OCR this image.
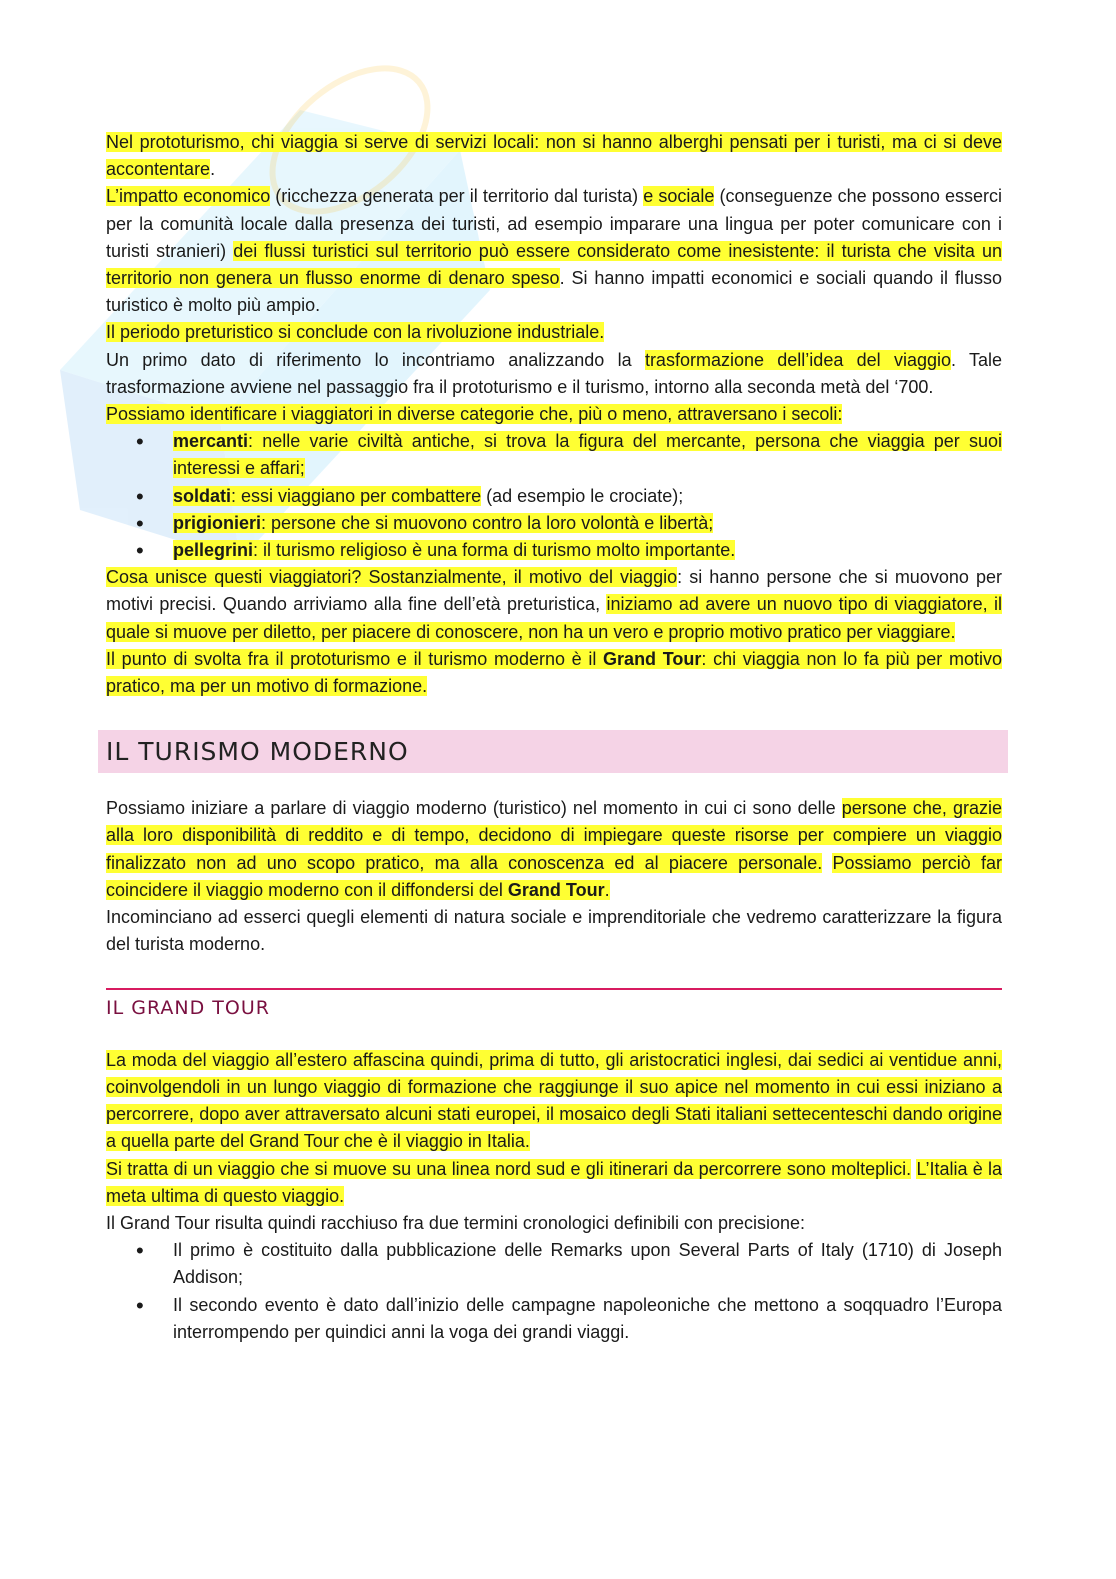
Nel prototurismo, chi viaggia si serve di servizi locali: non si hanno alberghi pensati per i turisti, ma ci si deve accontentare.

L’impatto economico (ricchezza generata per il territorio dal turista) e sociale (conseguenze che possono esserci per la comunità locale dalla presenza dei turisti, ad esempio imparare una lingua per poter comunicare con i turisti stranieri) dei flussi turistici sul territorio può essere considerato come inesistente: il turista che visita un territorio non genera un flusso enorme di denaro speso. Si hanno impatti economici e sociali quando il flusso turistico è molto più ampio.

Il periodo preturistico si conclude con la rivoluzione industriale.

Un primo dato di riferimento lo incontriamo analizzando la trasformazione dell’idea del viaggio. Tale trasformazione avviene nel passaggio fra il prototurismo e il turismo, intorno alla seconda metà del ‘700.

Possiamo identificare i viaggiatori in diverse categorie che, più o meno, attraversano i secoli:

• mercanti: nelle varie civiltà antiche, si trova la figura del mercante, persona che viaggia per suoi interessi e affari;
• soldati: essi viaggiano per combattere (ad esempio le crociate);
• prigionieri: persone che si muovono contro la loro volontà e libertà;
• pellegrini: il turismo religioso è una forma di turismo molto importante.

Cosa unisce questi viaggiatori? Sostanzialmente, il motivo del viaggio: si hanno persone che si muovono per motivi precisi. Quando arriviamo alla fine dell’età preturistica, iniziamo ad avere un nuovo tipo di viaggiatore, il quale si muove per diletto, per piacere di conoscere, non ha un vero e proprio motivo pratico per viaggiare.

Il punto di svolta fra il prototurismo e il turismo moderno è il Grand Tour: chi viaggia non lo fa più per motivo pratico, ma per un motivo di formazione.

IL TURISMO MODERNO

Possiamo iniziare a parlare di viaggio moderno (turistico) nel momento in cui ci sono delle persone che, grazie alla loro disponibilità di reddito e di tempo, decidono di impiegare queste risorse per compiere un viaggio finalizzato non ad uno scopo pratico, ma alla conoscenza ed al piacere personale. Possiamo perciò far coincidere il viaggio moderno con il diffondersi del Grand Tour.

Incominciano ad esserci quegli elementi di natura sociale e imprenditoriale che vedremo caratterizzare la figura del turista moderno.

IL GRAND TOUR

La moda del viaggio all’estero affascina quindi, prima di tutto, gli aristocratici inglesi, dai sedici ai ventidue anni, coinvolgendoli in un lungo viaggio di formazione che raggiunge il suo apice nel momento in cui essi iniziano a percorrere, dopo aver attraversato alcuni stati europei, il mosaico degli Stati italiani settecenteschi dando origine a quella parte del Grand Tour che è il viaggio in Italia.

Si tratta di un viaggio che si muove su una linea nord sud e gli itinerari da percorrere sono molteplici. L’Italia è la meta ultima di questo viaggio.

Il Grand Tour risulta quindi racchiuso fra due termini cronologici definibili con precisione:

• Il primo è costituito dalla pubblicazione delle Remarks upon Several Parts of Italy (1710) di Joseph Addison;
• Il secondo evento è dato dall’inizio delle campagne napoleoniche che mettono a soqquadro l’Europa interrompendo per quindici anni la voga dei grandi viaggi.
